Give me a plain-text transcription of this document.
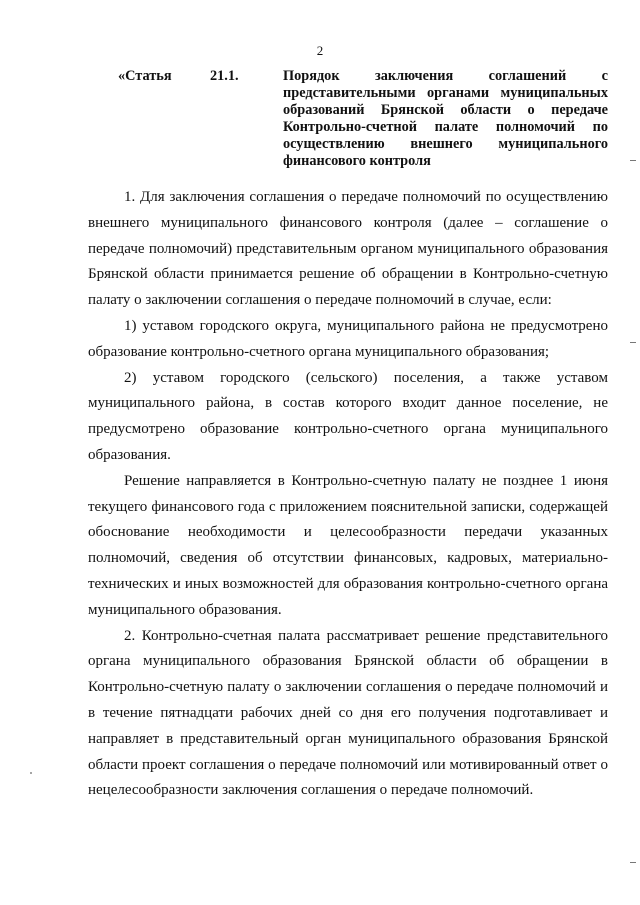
2
«Статья	21.1.	Порядок заключения соглашений с представительными органами муниципальных образований Брянской области о передаче Контрольно-счетной палате полномочий по осуществлению внешнего муниципального финансового контроля

1. Для заключения соглашения о передаче полномочий по осуществлению внешнего муниципального финансового контроля (далее – соглашение о передаче полномочий) представительным органом муниципального образования Брянской области принимается решение об обращении в Контрольно-счетную палату о заключении соглашения о передаче полномочий в случае, если:

1) уставом городского округа, муниципального района не предусмотрено образование контрольно-счетного органа муниципального образования;

2) уставом городского (сельского) поселения, а также уставом муниципального района, в состав которого входит данное поселение, не предусмотрено образование контрольно-счетного органа муниципального образования.

Решение направляется в Контрольно-счетную палату не позднее 1 июня текущего финансового года с приложением пояснительной записки, содержащей обоснование необходимости и целесообразности передачи указанных полномочий, сведения об отсутствии финансовых, кадровых, материально-технических и иных возможностей для образования контрольно-счетного органа муниципального образования.

2. Контрольно-счетная палата рассматривает решение представительного органа муниципального образования Брянской области об обращении в Контрольно-счетную палату о заключении соглашения о передаче полномочий и в течение пятнадцати рабочих дней со дня его получения подготавливает и направляет в представительный орган муниципального образования Брянской области проект соглашения о передаче полномочий или мотивированный ответ о нецелесообразности заключения соглашения о передаче полномочий.
